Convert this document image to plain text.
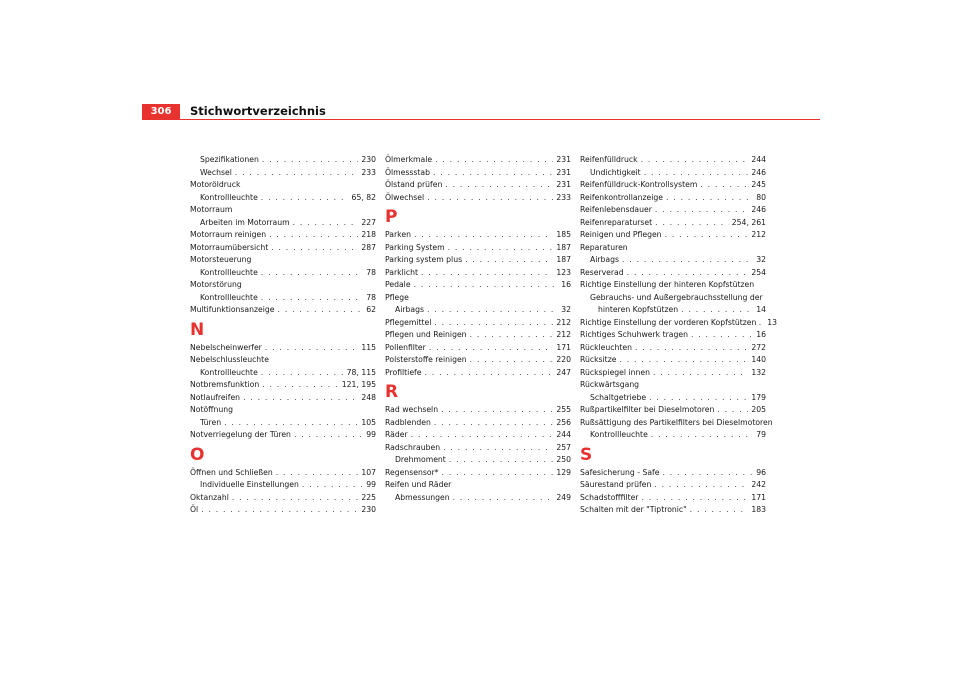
306	Stichwortverzeichnis
Spezifikationen . . .	230
Wechsel . . .	233
Motoröldruck
Kontrollleuchte . . .	65, 82
Motorraum
Arbeiten im Motorraum . . .	227
Motorraum reinigen . . .	218
Motorraumübersicht . . .	287
Motorsteuerung
Kontrollleuchte . . .	78
Motorstörung
Kontrollleuchte . . .	78
Multifunktionsanzeige . . .	62
N
Nebelscheinwerfer . . .	115
Nebelschlussleuchte
Kontrollleuchte . . .	78, 115
Notbremsfunktion . . .	121, 195
Notlaufreifen . . .	248
Notöffnung
Türen . . .	105
Notverriegelung der Türen . . .	99
O
Öffnen und Schließen . . .	107
Individuelle Einstellungen . . .	99
Oktanzahl . . .	225
Öl . . .	230
Ölmerkmale . . .	231
Ölmessstab . . .	231
Ölstand prüfen . . .	231
Ölwechsel . . .	233
P
Parken . . .	185
Parking System . . .	187
Parking system plus . . .	187
Parklicht . . .	123
Pedale . . .	16
Pflege
Airbags . . .	32
Pflegemittel . . .	212
Pflegen und Reinigen . . .	212
Pollenfilter . . .	171
Polsterstoffe reinigen . . .	220
Profiltiefe . . .	247
R
Rad wechseln . . .	255
Radblenden . . .	256
Räder . . .	244
Radschrauben . . .	257
Drehmoment . . .	250
Regensensor* . . .	129
Reifen und Räder
Abmessungen . . .	249
Reifenfülldruck . . .	244
Undichtigkeit . . .	246
Reifenfülldruck-Kontrollsystem . . .	245
Reifenkontrollanzeige . . .	80
Reifenlebensdauer . . .	246
Reifenreparaturset . . .	254, 261
Reinigen und Pflegen . . .	212
Reparaturen
Airbags . . .	32
Reserverad . . .	254
Richtige Einstellung der hinteren Kopfstützen
Gebrauchs- und Außergebrauchsstellung der
hinteren Kopfstützen . . .	14
Richtige Einstellung der vorderen Kopfstützen . 13
Richtiges Schuhwerk tragen . . .	16
Rückleuchten . . .	272
Rücksitze . . .	140
Rückspiegel innen . . .	132
Rückwärtsgang
Schaltgetriebe . . .	179
Rußpartikelfilter bei Dieselmotoren . . .	205
Rußsättigung des Partikelfilters bei Dieselmotoren
Kontrollleuchte . . .	79
S
Safesicherung - Safe . . .	96
Säurestand prüfen . . .	242
Schadstofffilter . . .	171
Schalten mit der "Tiptronic" . . .	183
